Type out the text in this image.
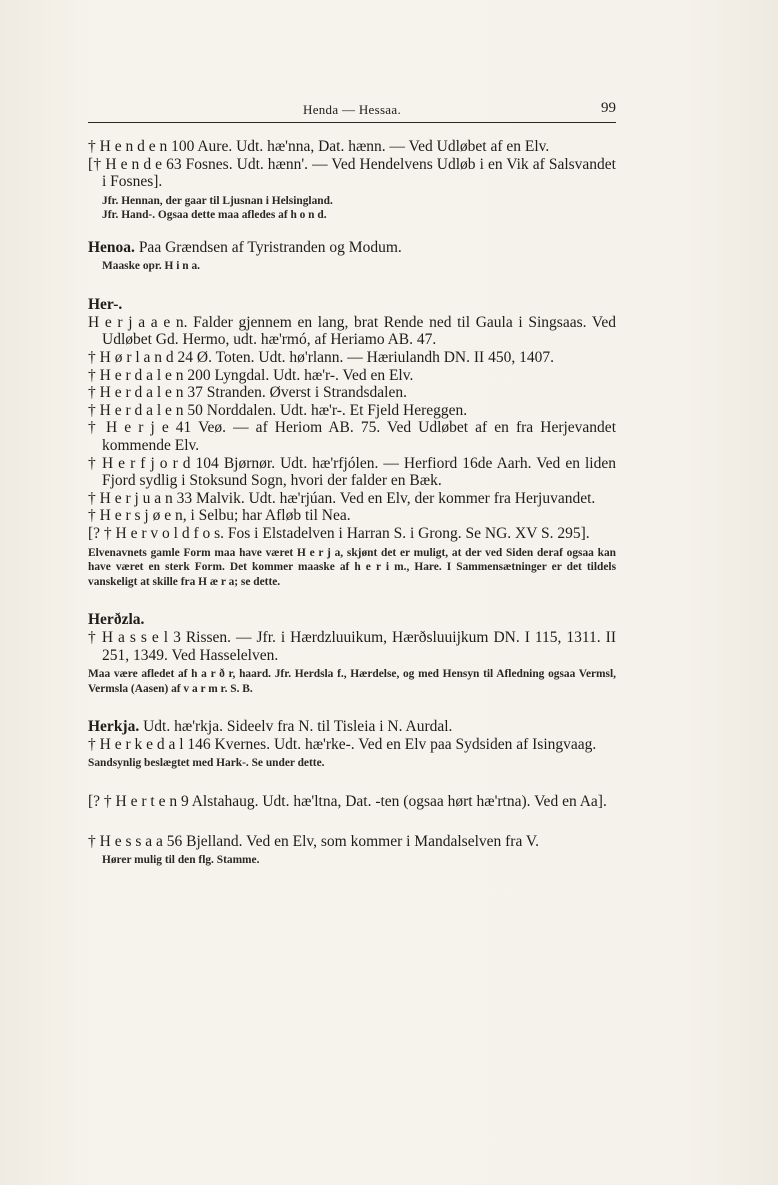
Henda — Hessaa.	99

† H e n d e n 100 Aure. Udt. hæ'nna, Dat. hænn. — Ved Udløbet af en Elv.

[† H e n d e 63 Fosnes. Udt. hænn'. — Ved Hendelvens Udløb i en Vik af Salsvandet i Fosnes].

Jfr. Hennan, der gaar til Ljusnan i Helsingland.

Jfr. Hand-. Ogsaa dette maa afledes af h o n d.

Henoa. Paa Grændsen af Tyristranden og Modum.

Maaske opr. H i n a.

Her-.

H e r j a a e n. Falder gjennem en lang, brat Rende ned til Gaula i Singsaas. Ved Udløbet Gd. Hermo, udt. hæ'rmó, af Heriamo AB. 47.

† H ø r l a n d 24 Ø. Toten. Udt. hø'rlann. — Hæriulandh DN. II 450, 1407.

† H e r d a l e n 200 Lyngdal. Udt. hæ'r-. Ved en Elv.

† H e r d a l e n 37 Stranden. Øverst i Strandsdalen.

† H e r d a l e n 50 Norddalen. Udt. hæ'r-. Et Fjeld Hereggen.

† H e r j e 41 Veø. — af Heriom AB. 75. Ved Udløbet af en fra Herjevandet kommende Elv.

† H e r f j o r d 104 Bjørnør. Udt. hæ'rfjólen. — Herfiord 16de Aarh. Ved en liden Fjord sydlig i Stoksund Sogn, hvori der falder en Bæk.

† H e r j u a n 33 Malvik. Udt. hæ'rjúan. Ved en Elv, der kommer fra Herjuvandet.

† H e r s j ø e n, i Selbu; har Afløb til Nea.

[? † H e r v o l d f o s. Fos i Elstadelven i Harran S. i Grong. Se NG. XV S. 295].

Elvenavnets gamle Form maa have været H e r j a, skjønt det er muligt, at der ved Siden deraf ogsaa kan have været en sterk Form. Det kommer maaske af h e r i m., Hare. I Sammensætninger er det tildels vanskeligt at skille fra H æ r a; se dette.

Herðzla.

† H a s s e l 3 Rissen. — Jfr. i Hærdzluuikum, Hærðsluuijkum DN. I 115, 1311. II 251, 1349. Ved Hasselelven.

Maa være afledet af h a r ð r, haard. Jfr. Herdsla f., Hærdelse, og med Hensyn til Afledning ogsaa Vermsl, Vermsla (Aasen) af v a r m r. S. B.

Herkja. Udt. hæ'rkja. Sideelv fra N. til Tisleia i N. Aurdal.

† H e r k e d a l 146 Kvernes. Udt. hæ'rke-. Ved en Elv paa Sydsiden af Isingvaag.

Sandsynlig beslægtet med Hark-. Se under dette.

[? † H e r t e n 9 Alstahaug. Udt. hæ'ltna, Dat. -ten (ogsaa hørt hæ'rtna). Ved en Aa].

† H e s s a a 56 Bjelland. Ved en Elv, som kommer i Mandalselven fra V.

Hører mulig til den flg. Stamme.
